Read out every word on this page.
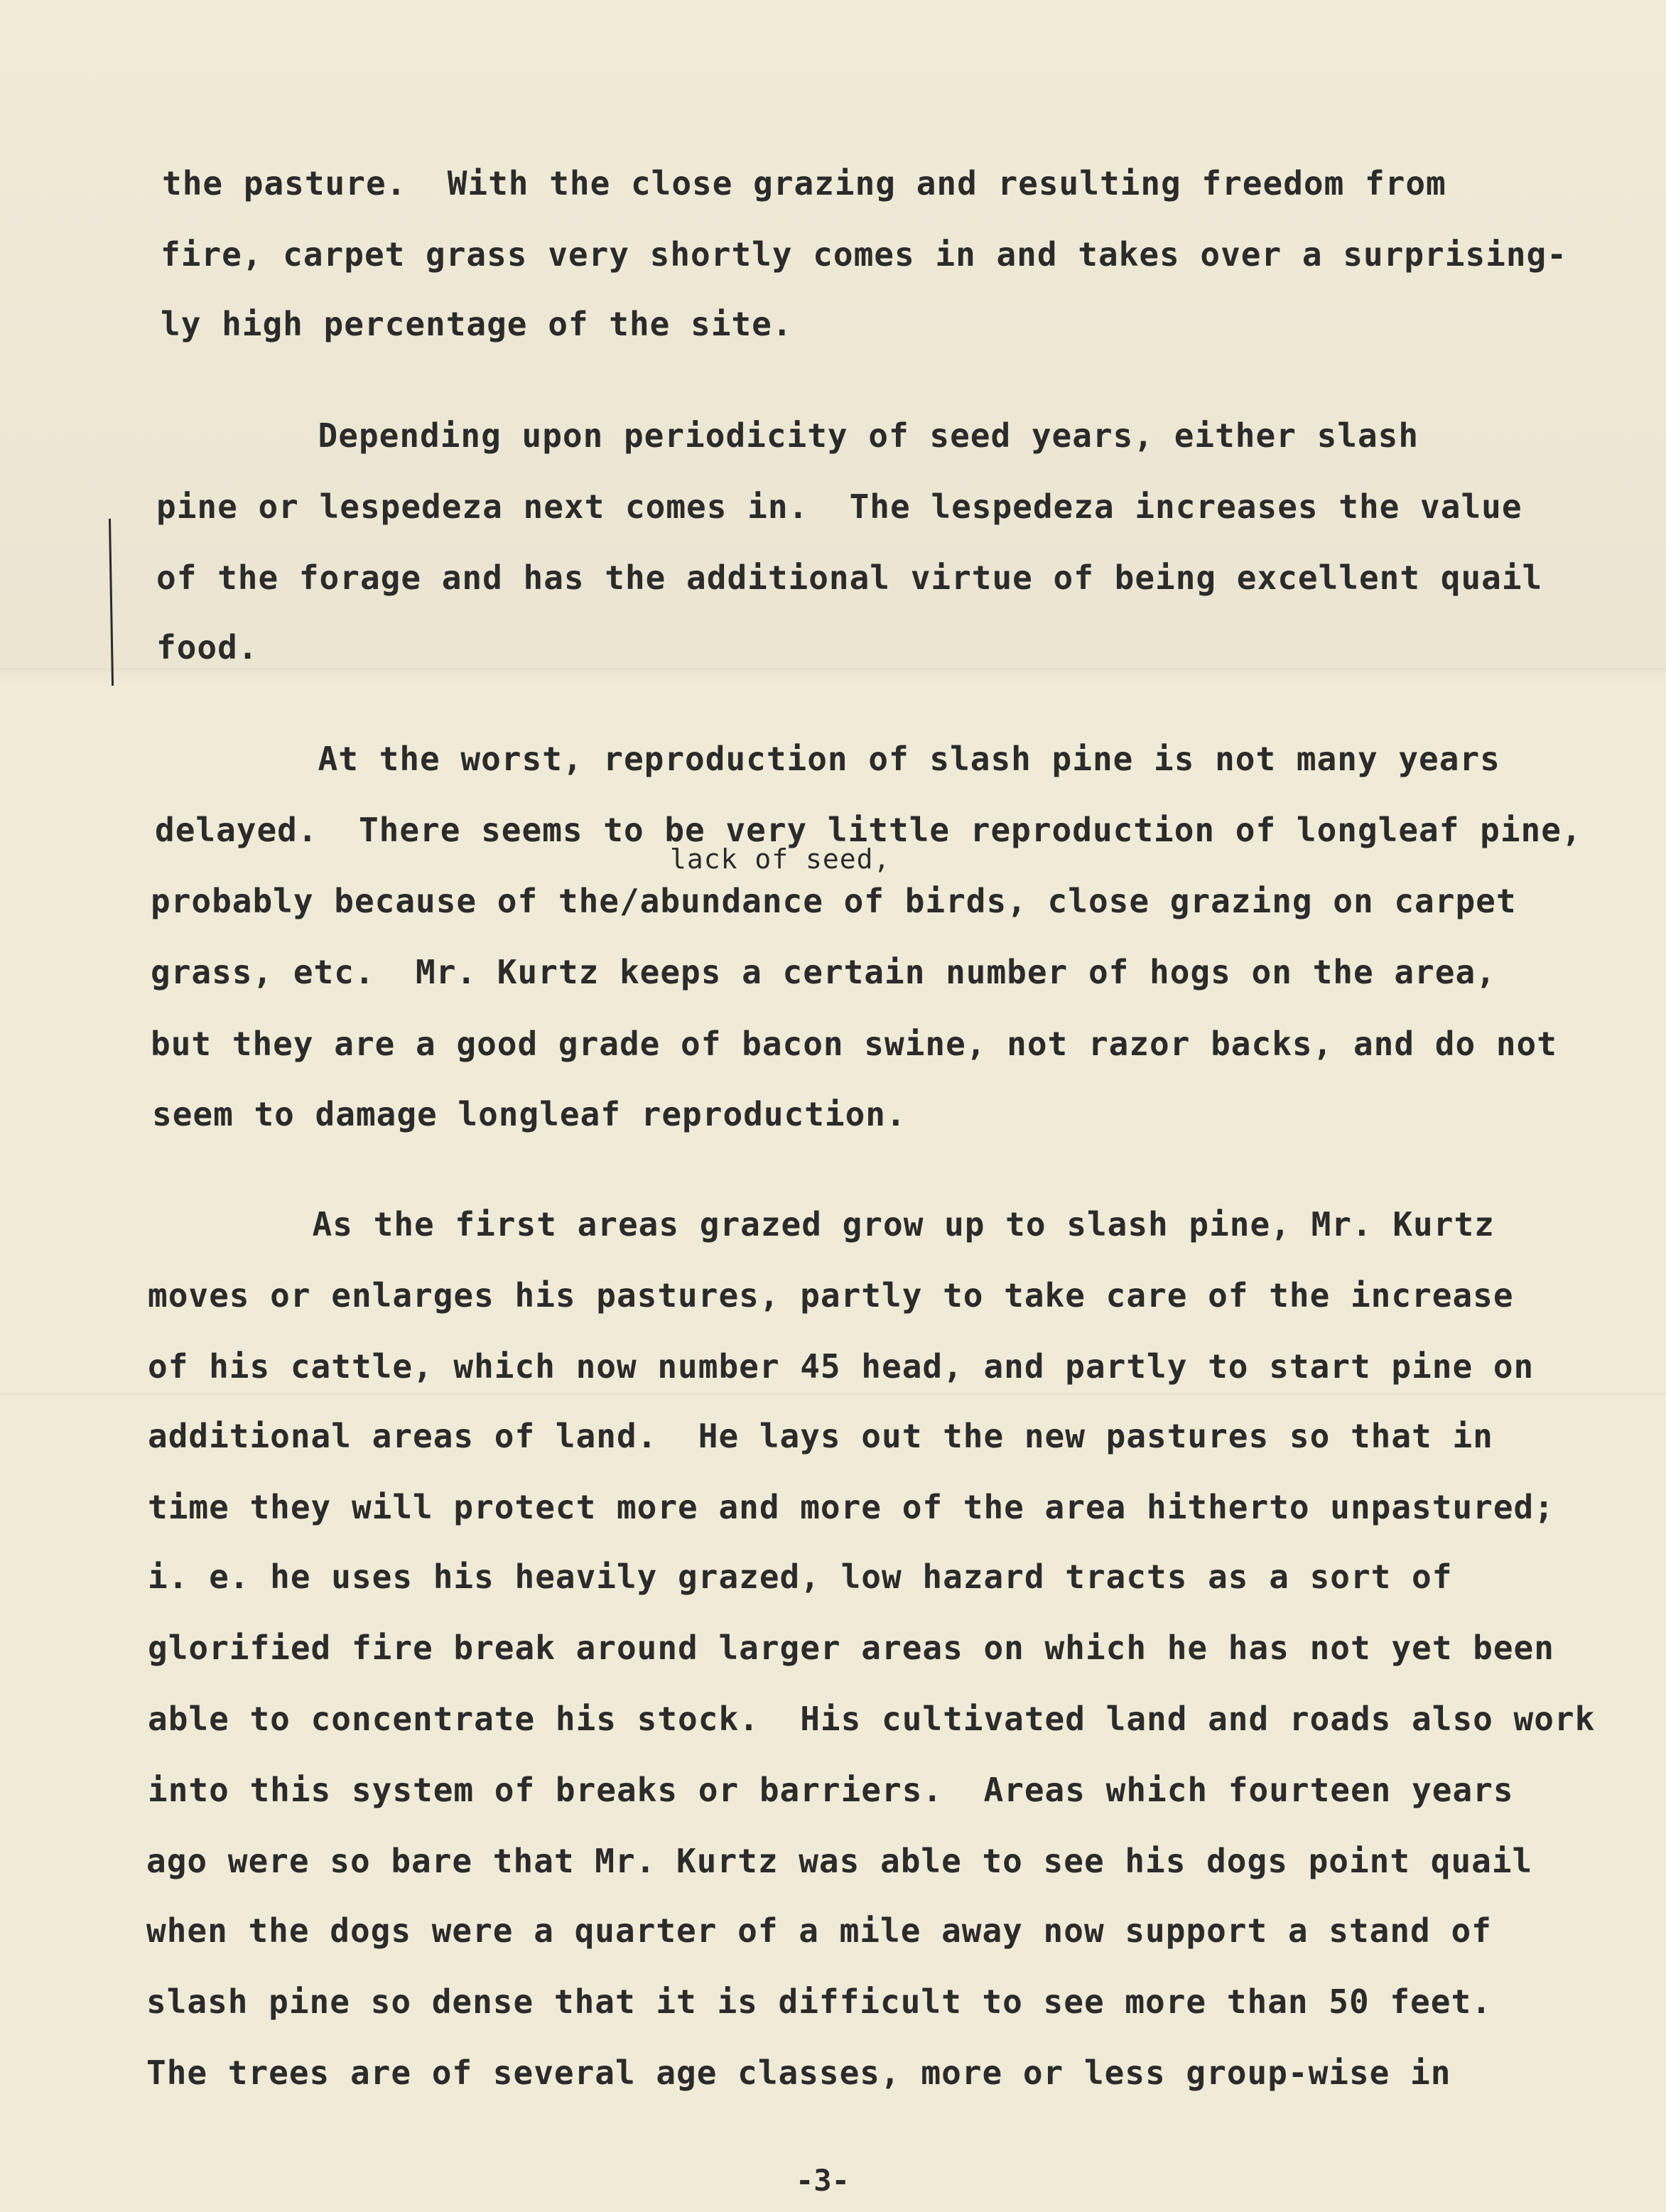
the pasture.  With the close grazing and resulting freedom from
fire, carpet grass very shortly comes in and takes over a surprising-
ly high percentage of the site.
Depending upon periodicity of seed years, either slash
pine or lespedeza next comes in.  The lespedeza increases the value
of the forage and has the additional virtue of being excellent quail
food.
At the worst, reproduction of slash pine is not many years
delayed.  There seems to be very little reproduction of longleaf pine,
lack of seed,
probably because of the/abundance of birds, close grazing on carpet
grass, etc.  Mr. Kurtz keeps a certain number of hogs on the area,
but they are a good grade of bacon swine, not razor backs, and do not
seem to damage longleaf reproduction.
As the first areas grazed grow up to slash pine, Mr. Kurtz
moves or enlarges his pastures, partly to take care of the increase
of his cattle, which now number 45 head, and partly to start pine on
additional areas of land.  He lays out the new pastures so that in
time they will protect more and more of the area hitherto unpastured;
i. e. he uses his heavily grazed, low hazard tracts as a sort of
glorified fire break around larger areas on which he has not yet been
able to concentrate his stock.  His cultivated land and roads also work
into this system of breaks or barriers.  Areas which fourteen years
ago were so bare that Mr. Kurtz was able to see his dogs point quail
when the dogs were a quarter of a mile away now support a stand of
slash pine so dense that it is difficult to see more than 50 feet.
The trees are of several age classes, more or less group-wise in
-3-
